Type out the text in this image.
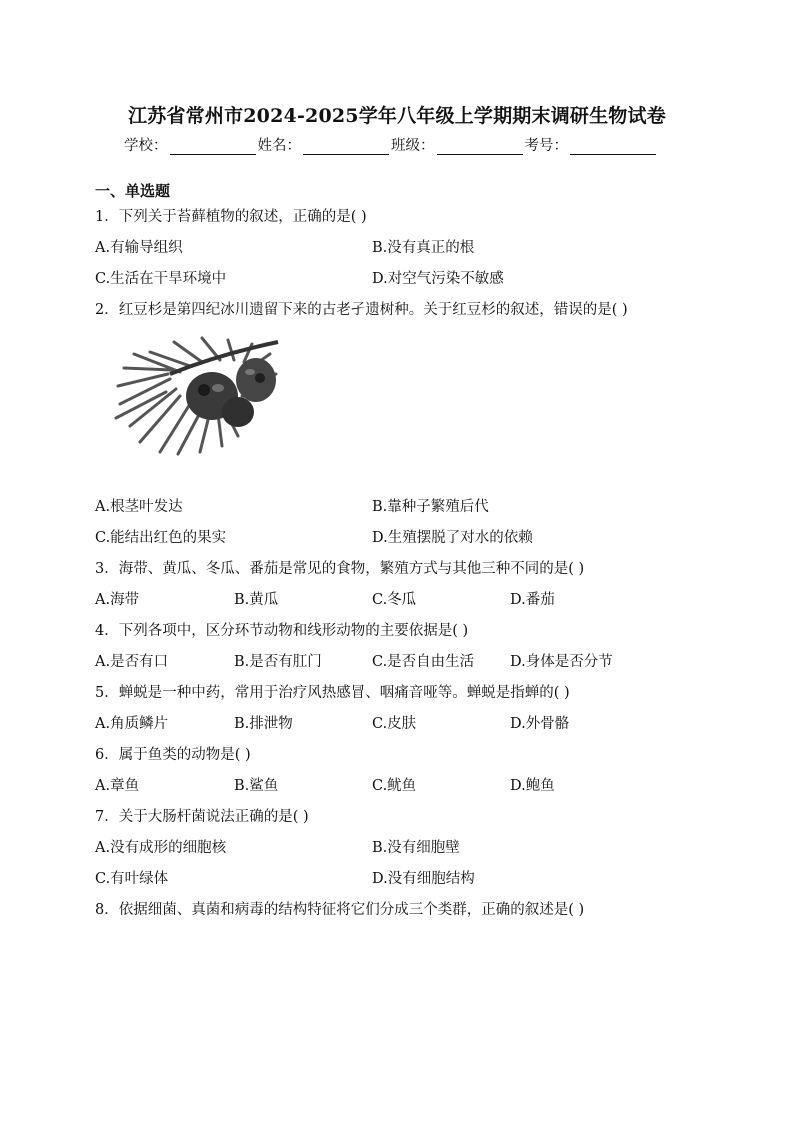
江苏省常州市2024-2025学年八年级上学期期末调研生物试卷
学校：	姓名：	班级：	考号：
一、单选题
1．下列关于苔藓植物的叙述，正确的是( )
A.有输导组织	B.没有真正的根
C.生活在干旱环境中	D.对空气污染不敏感
2．红豆杉是第四纪冰川遗留下来的古老孑遗树种。关于红豆杉的叙述，错误的是( )
A.根茎叶发达	B.靠种子繁殖后代
C.能结出红色的果实	D.生殖摆脱了对水的依赖
3．海带、黄瓜、冬瓜、番茄是常见的食物，繁殖方式与其他三种不同的是( )
A.海带	B.黄瓜	C.冬瓜	D.番茄
4．下列各项中，区分环节动物和线形动物的主要依据是( )
A.是否有口	B.是否有肛门	C.是否自由生活 D.身体是否分节
5．蝉蜕是一种中药，常用于治疗风热感冒、咽痛音哑等。蝉蜕是指蝉的( )
A.角质鳞片	B.排泄物	C.皮肤	D.外骨骼
6．属于鱼类的动物是( )
A.章鱼	B.鲨鱼	C.鱿鱼	D.鲍鱼
7．关于大肠杆菌说法正确的是( )
A.没有成形的细胞核	B.没有细胞壁
C.有叶绿体	D.没有细胞结构
8．依据细菌、真菌和病毒的结构特征将它们分成三个类群，正确的叙述是( )
